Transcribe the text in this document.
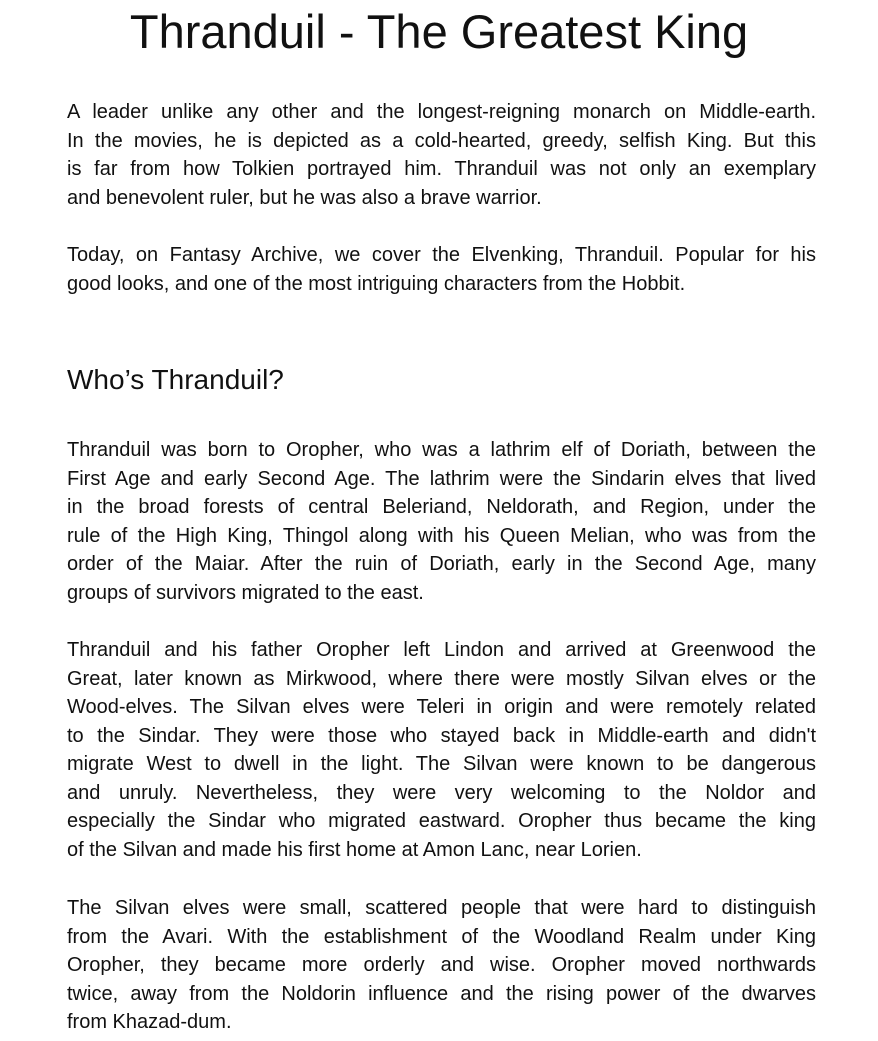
Thranduil - The Greatest King

A leader unlike any other and the longest-reigning monarch on Middle-earth.
In the movies, he is depicted as a cold-hearted, greedy, selfish King. But this
is far from how Tolkien portrayed him. Thranduil was not only an exemplary
and benevolent ruler, but he was also a brave warrior.

Today, on Fantasy Archive, we cover the Elvenking, Thranduil. Popular for his
good looks, and one of the most intriguing characters from the Hobbit.

Who’s Thranduil?

Thranduil was born to Oropher, who was a lathrim elf of Doriath, between the
First Age and early Second Age. The lathrim were the Sindarin elves that lived
in the broad forests of central Beleriand, Neldorath, and Region, under the
rule of the High King, Thingol along with his Queen Melian, who was from the
order of the Maiar. After the ruin of Doriath, early in the Second Age, many
groups of survivors migrated to the east.

Thranduil and his father Oropher left Lindon and arrived at Greenwood the
Great, later known as Mirkwood, where there were mostly Silvan elves or the
Wood-elves. The Silvan elves were Teleri in origin and were remotely related
to the Sindar. They were those who stayed back in Middle-earth and didn't
migrate West to dwell in the light. The Silvan were known to be dangerous
and unruly. Nevertheless, they were very welcoming to the Noldor and
especially the Sindar who migrated eastward. Oropher thus became the king
of the Silvan and made his first home at Amon Lanc, near Lorien.

The Silvan elves were small, scattered people that were hard to distinguish
from the Avari. With the establishment of the Woodland Realm under King
Oropher, they became more orderly and wise. Oropher moved northwards
twice, away from the Noldorin influence and the rising power of the dwarves
from Khazad-dum.
